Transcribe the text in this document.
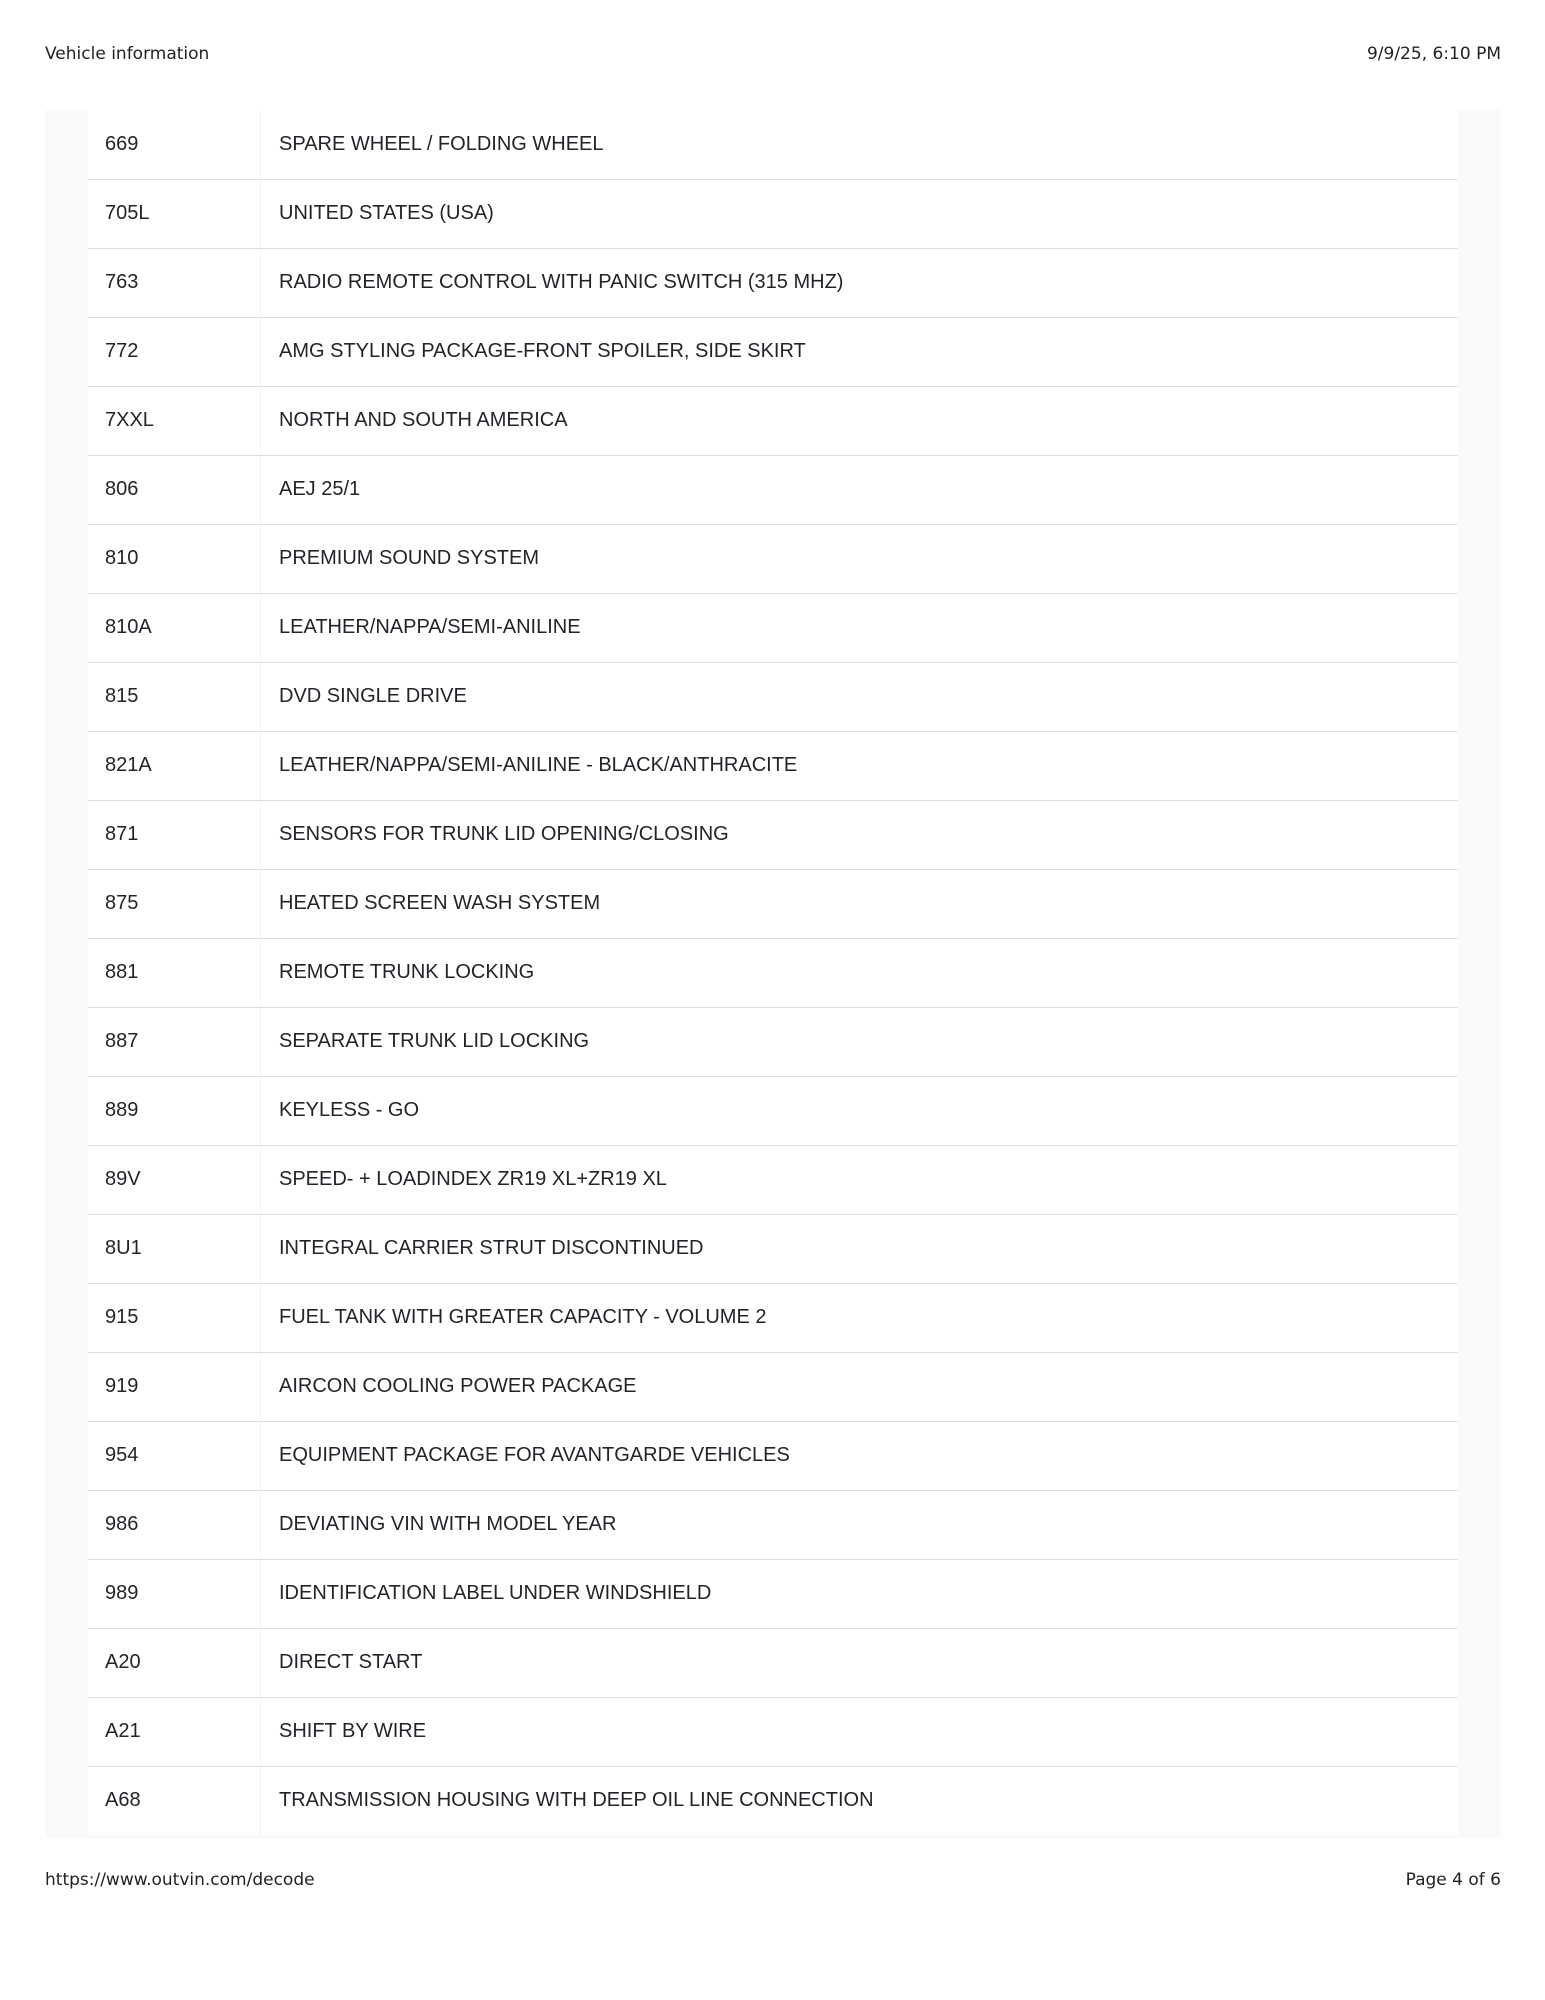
Vehicle information	9/9/25, 6:10 PM
669	SPARE WHEEL / FOLDING WHEEL
705L	UNITED STATES (USA)
763	RADIO REMOTE CONTROL WITH PANIC SWITCH (315 MHZ)
772	AMG STYLING PACKAGE-FRONT SPOILER, SIDE SKIRT
7XXL	NORTH AND SOUTH AMERICA
806	AEJ 25/1
810	PREMIUM SOUND SYSTEM
810A	LEATHER/NAPPA/SEMI-ANILINE
815	DVD SINGLE DRIVE
821A	LEATHER/NAPPA/SEMI-ANILINE - BLACK/ANTHRACITE
871	SENSORS FOR TRUNK LID OPENING/CLOSING
875	HEATED SCREEN WASH SYSTEM
881	REMOTE TRUNK LOCKING
887	SEPARATE TRUNK LID LOCKING
889	KEYLESS - GO
89V	SPEED- + LOADINDEX ZR19 XL+ZR19 XL
8U1	INTEGRAL CARRIER STRUT DISCONTINUED
915	FUEL TANK WITH GREATER CAPACITY - VOLUME 2
919	AIRCON COOLING POWER PACKAGE
954	EQUIPMENT PACKAGE FOR AVANTGARDE VEHICLES
986	DEVIATING VIN WITH MODEL YEAR
989	IDENTIFICATION LABEL UNDER WINDSHIELD
A20	DIRECT START
A21	SHIFT BY WIRE
A68	TRANSMISSION HOUSING WITH DEEP OIL LINE CONNECTION
https://www.outvin.com/decode	Page 4 of 6
